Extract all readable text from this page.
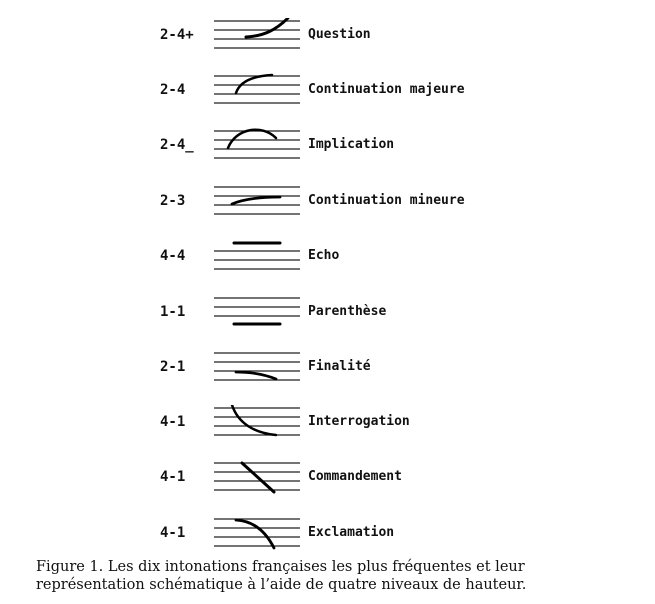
2-4+	Question
2-4	Continuation majeure
2-4_	Implication
2-3	Continuation mineure
4-4	Echo
1-1	Parenthèse
2-1	Finalité
4-1	Interrogation
4-1	Commandement
4-1	Exclamation
Figure 1. Les dix intonations françaises les plus fréquentes et leur représentation schématique à l’aide de quatre niveaux de hauteur.
